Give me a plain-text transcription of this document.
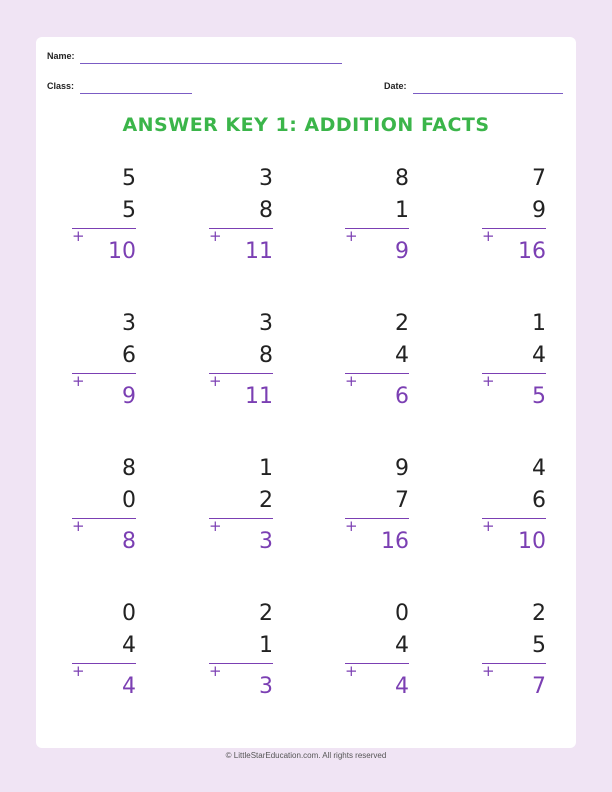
Name:
Class:	Date:
ANSWER KEY 1: ADDITION FACTS
5
5
+
10
3
8
+
11
8
1
+
9
7
9
+
16
3
6
+
9
3
8
+
11
2
4
+
6
1
4
+
5
8
0
+
8
1
2
+
3
9
7
+
16
4
6
+
10
0
4
+
4
2
1
+
3
0
4
+
4
2
5
+
7
© LittleStarEducation.com. All rights reserved
